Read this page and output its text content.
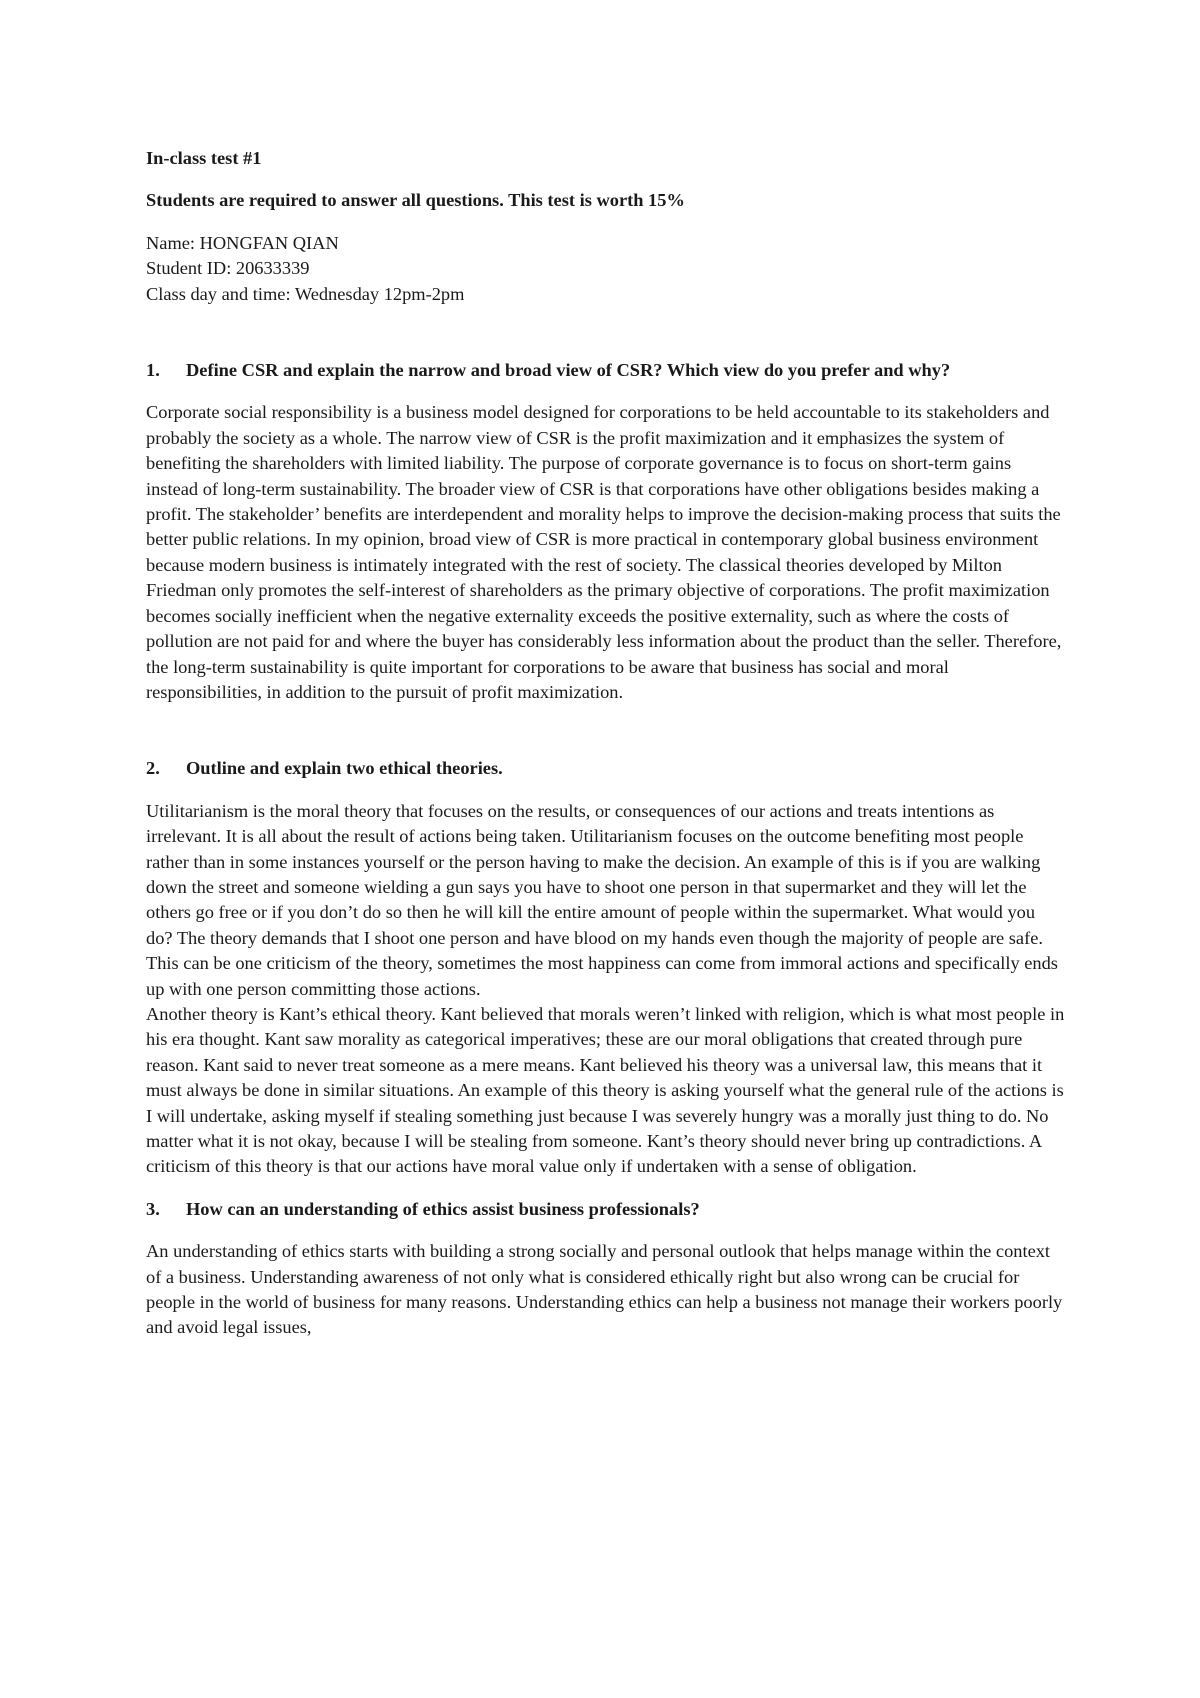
In-class test #1

Students are required to answer all questions. This test is worth 15%

Name: HONGFAN QIAN
Student ID: 20633339
Class day and time: Wednesday 12pm-2pm
1.	Define CSR and explain the narrow and broad view of CSR? Which view do you prefer and why?

Corporate social responsibility is a business model designed for corporations to be held accountable to its stakeholders and probably the society as a whole. The narrow view of CSR is the profit maximization and it emphasizes the system of benefiting the shareholders with limited liability. The purpose of corporate governance is to focus on short-term gains instead of long-term sustainability. The broader view of CSR is that corporations have other obligations besides making a profit. The stakeholder’ benefits are interdependent and morality helps to improve the decision-making process that suits the better public relations. In my opinion, broad view of CSR is more practical in contemporary global business environment because modern business is intimately integrated with the rest of society. The classical theories developed by Milton Friedman only promotes the self-interest of shareholders as the primary objective of corporations. The profit maximization becomes socially inefficient when the negative externality exceeds the positive externality, such as where the costs of pollution are not paid for and where the buyer has considerably less information about the product than the seller. Therefore, the long-term sustainability is quite important for corporations to be aware that business has social and moral responsibilities, in addition to the pursuit of profit maximization.

2.	Outline and explain two ethical theories.

Utilitarianism is the moral theory that focuses on the results, or consequences of our actions and treats intentions as irrelevant. It is all about the result of actions being taken. Utilitarianism focuses on the outcome benefiting most people rather than in some instances yourself or the person having to make the decision. An example of this is if you are walking down the street and someone wielding a gun says you have to shoot one person in that supermarket and they will let the others go free or if you don’t do so then he will kill the entire amount of people within the supermarket. What would you do? The theory demands that I shoot one person and have blood on my hands even though the majority of people are safe. This can be one criticism of the theory, sometimes the most happiness can come from immoral actions and specifically ends up with one person committing those actions.

Another theory is Kant’s ethical theory. Kant believed that morals weren’t linked with religion, which is what most people in his era thought. Kant saw morality as categorical imperatives; these are our moral obligations that created through pure reason. Kant said to never treat someone as a mere means. Kant believed his theory was a universal law, this means that it must always be done in similar situations. An example of this theory is asking yourself what the general rule of the actions is I will undertake, asking myself if stealing something just because I was severely hungry was a morally just thing to do. No matter what it is not okay, because I will be stealing from someone. Kant’s theory should never bring up contradictions. A criticism of this theory is that our actions have moral value only if undertaken with a sense of obligation.

3.	How can an understanding of ethics assist business professionals?

An understanding of ethics starts with building a strong socially and personal outlook that helps manage within the context of a business. Understanding awareness of not only what is considered ethically right but also wrong can be crucial for people in the world of business for many reasons. Understanding ethics can help a business not manage their workers poorly and avoid legal issues,
